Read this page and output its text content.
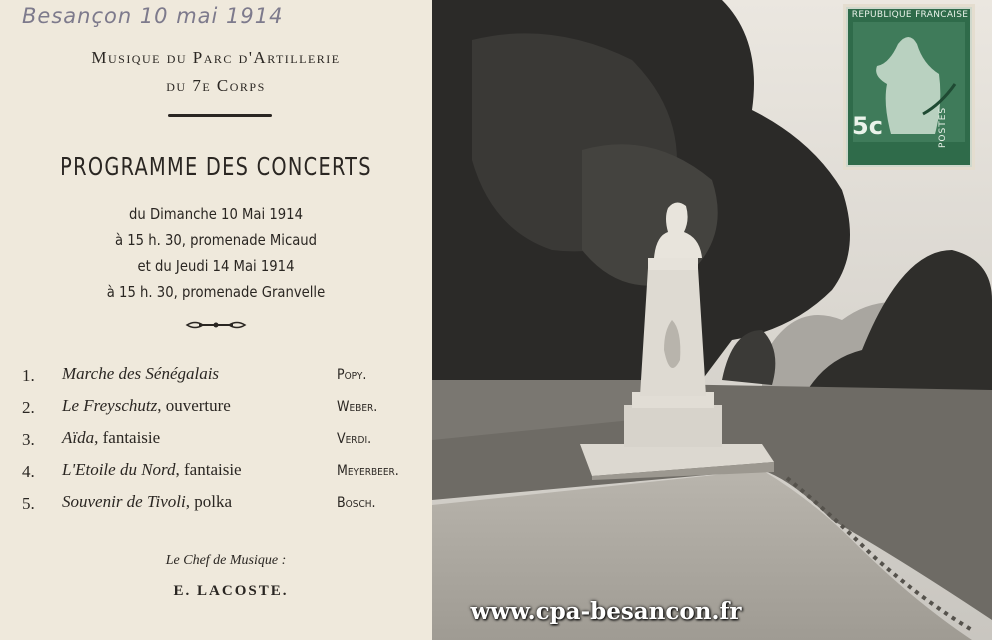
Besançon 10 mai 1914
Musique du Parc d'Artillerie
du 7e Corps
PROGRAMME DES CONCERTS
du Dimanche 10 Mai 1914
à 15 h. 30, promenade Micaud
et du Jeudi 14 Mai 1914
à 15 h. 30, promenade Granvelle
1. Marche des Sénégalais	Popy.
2. Le Freyschutz, ouverture	Weber.
3. Aïda, fantaisie	Verdi.
4. L'Etoile du Nord, fantaisie	Meyerbeer.
5. Souvenir de Tivoli, polka	Bosch.
Le Chef de Musique :
E. LACOSTE.
REPUBLIQUE FRANCAISE
5c	POSTES
www.cpa-besancon.fr
